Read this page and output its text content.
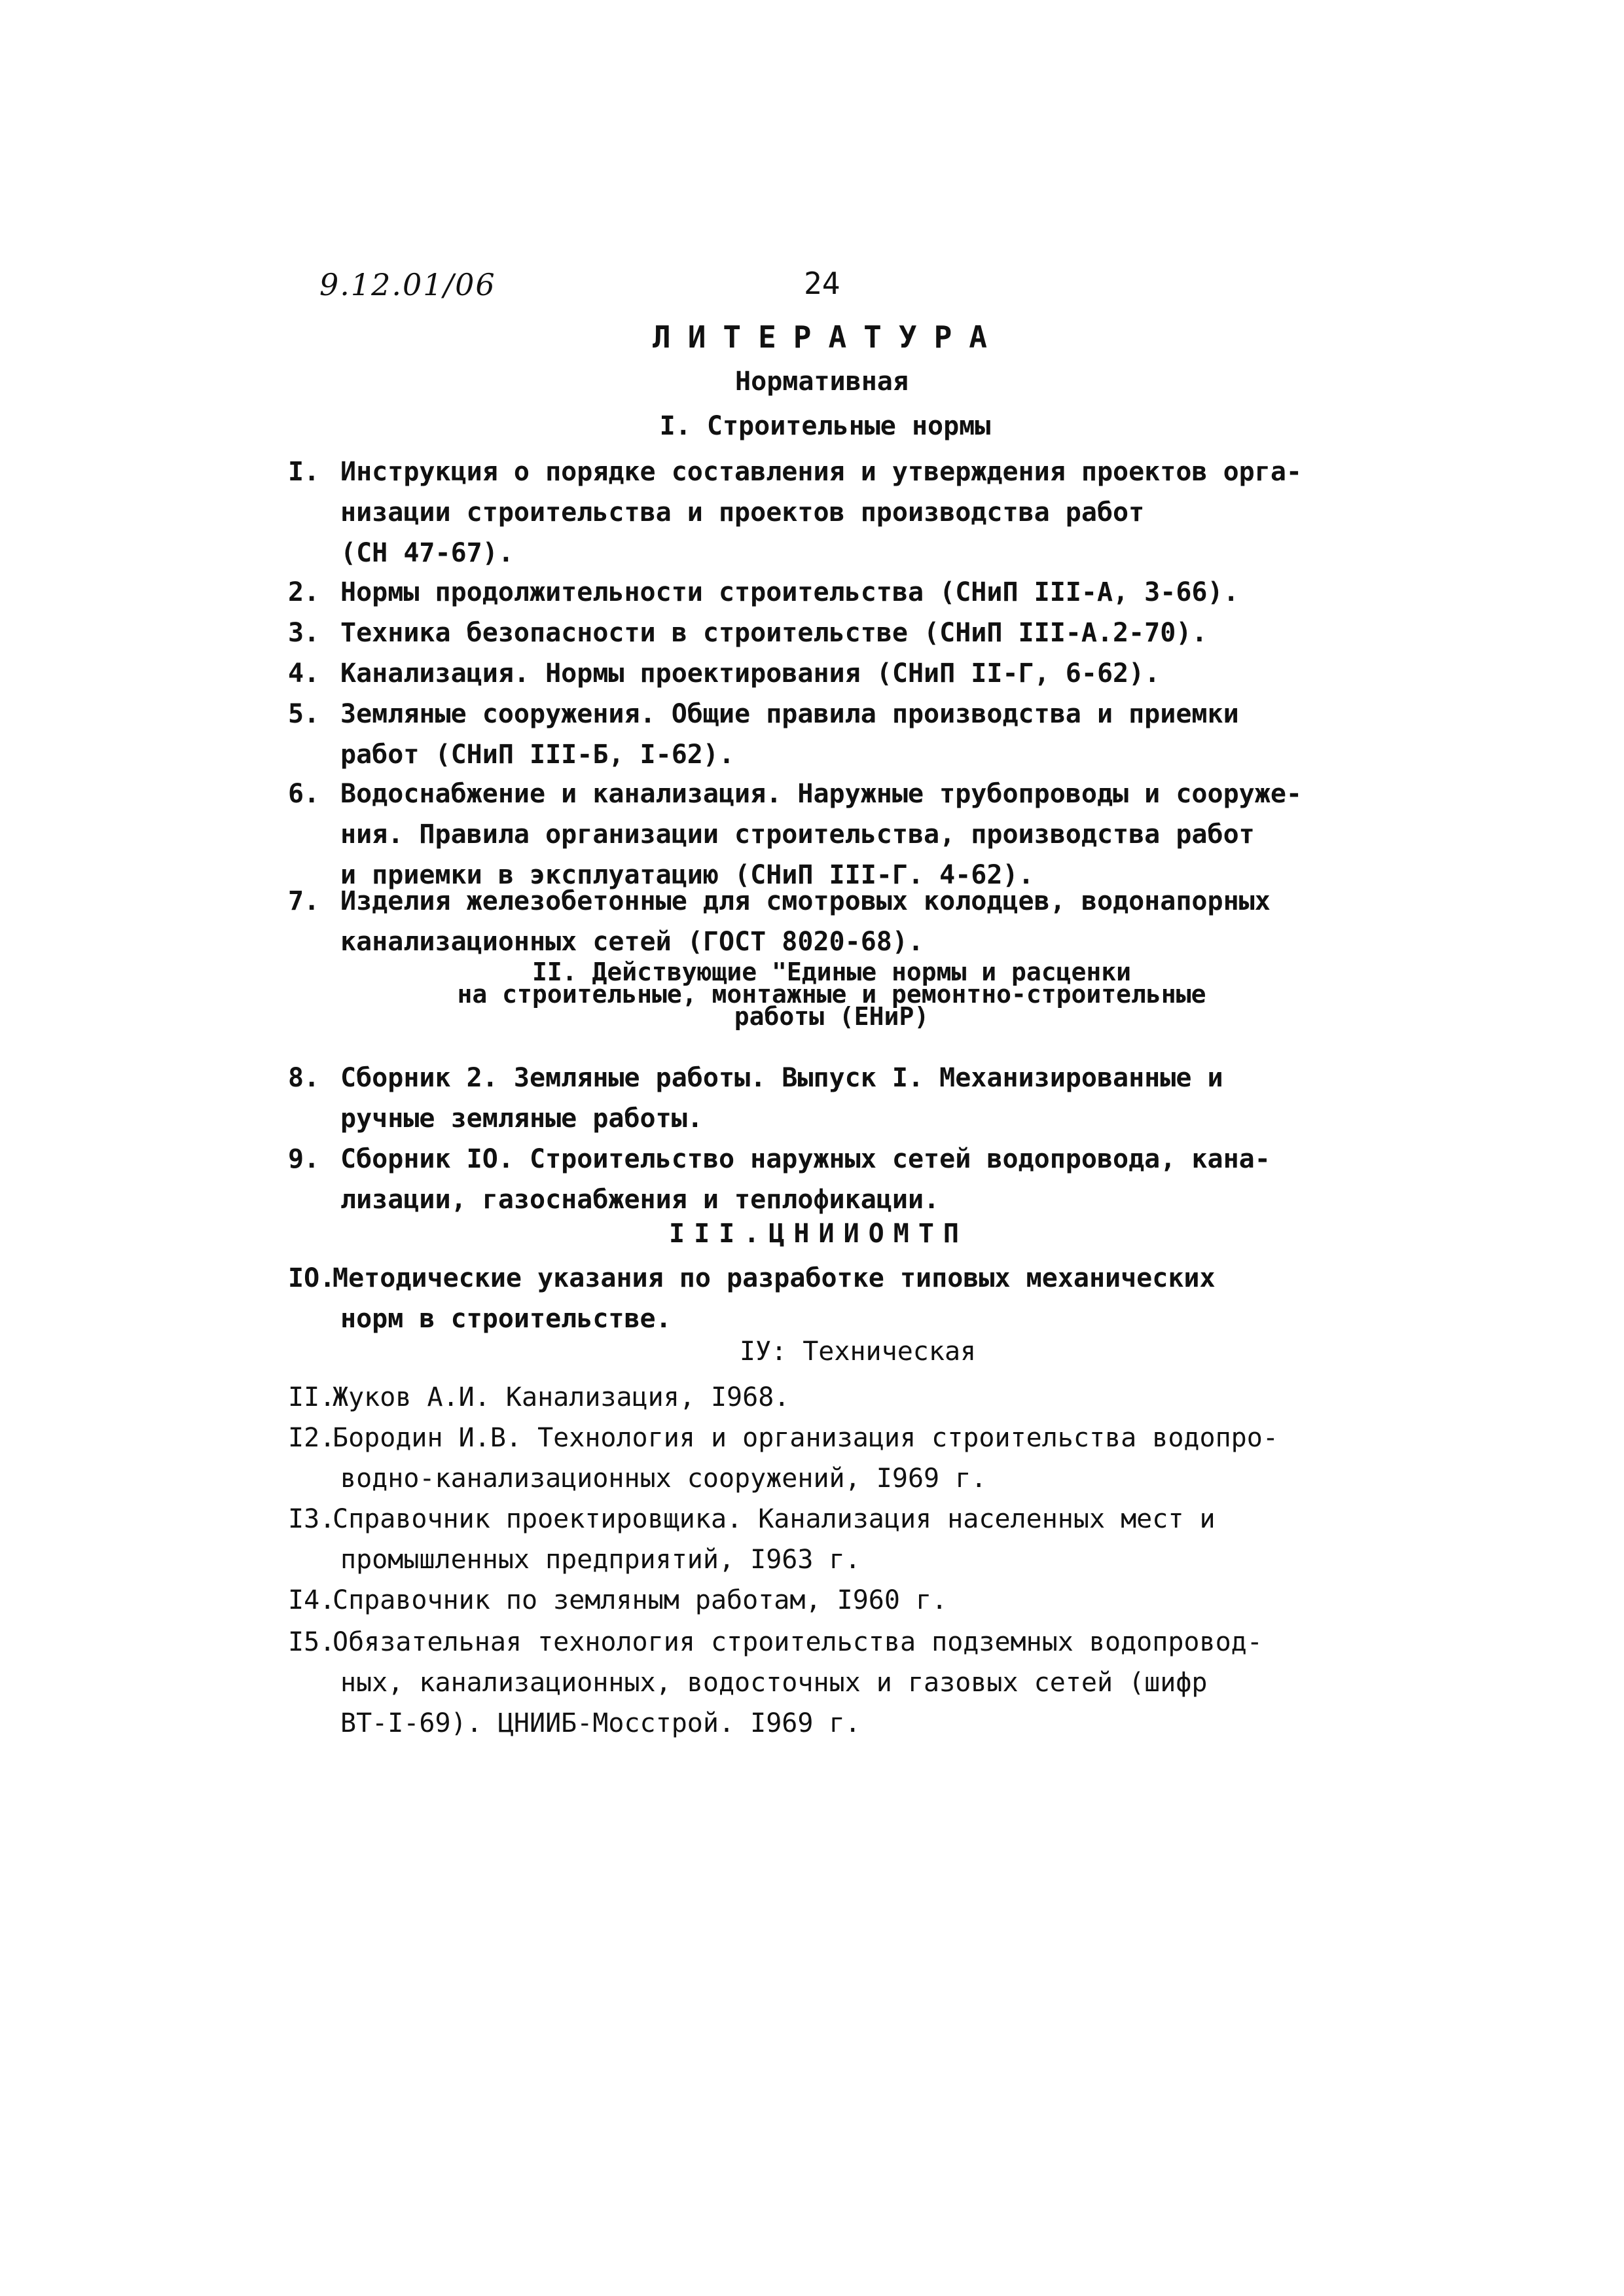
9.12.01/06	24
ЛИТЕРАТУРА
Нормативная
I. Строительные нормы
II. Действующие "Единые нормы и расценки
на строительные, монтажные и ремонтно-строительные
работы (ЕНиР)
III.ЦНИИОМТП
IУ: Техническая
I. Инструкция о порядке составления и утверждения проектов орга-
низации строительства и проектов производства работ
(СН 47-67).
2. Нормы продолжительности строительства (СНиП III-А, 3-66).
3. Техника безопасности в строительстве (СНиП III-А.2-70).
4. Канализация. Нормы проектирования (СНиП II-Г, 6-62).
5. Земляные сооружения. Общие правила производства и приемки
работ (СНиП III-Б, I-62).
6. Водоснабжение и канализация. Наружные трубопроводы и сооруже-
ния. Правила организации строительства, производства работ
и приемки в эксплуатацию (СНиП III-Г. 4-62).
7. Изделия железобетонные для смотровых колодцев, водонапорных
канализационных сетей (ГОСТ 8020-68).
8. Сборник 2. Земляные работы. Выпуск I. Механизированные и
ручные земляные работы.
9. Сборник IO. Строительство наружных сетей водопровода, кана-
лизации, газоснабжения и теплофикации.
IO.Методические указания по разработке типовых механических
норм в строительстве.
II.Жуков А.И. Канализация, I968.
I2.Бородин И.В. Технология и организация строительства водопро-
водно-канализационных сооружений, I969 г.
I3.Справочник проектировщика. Канализация населенных мест и
промышленных предприятий, I963 г.
I4.Справочник по земляным работам, I960 г.
I5.Обязательная технология строительства подземных водопровод-
ных, канализационных, водосточных и газовых сетей (шифр
ВТ-I-69). ЦНИИБ-Мосстрой. I969 г.
